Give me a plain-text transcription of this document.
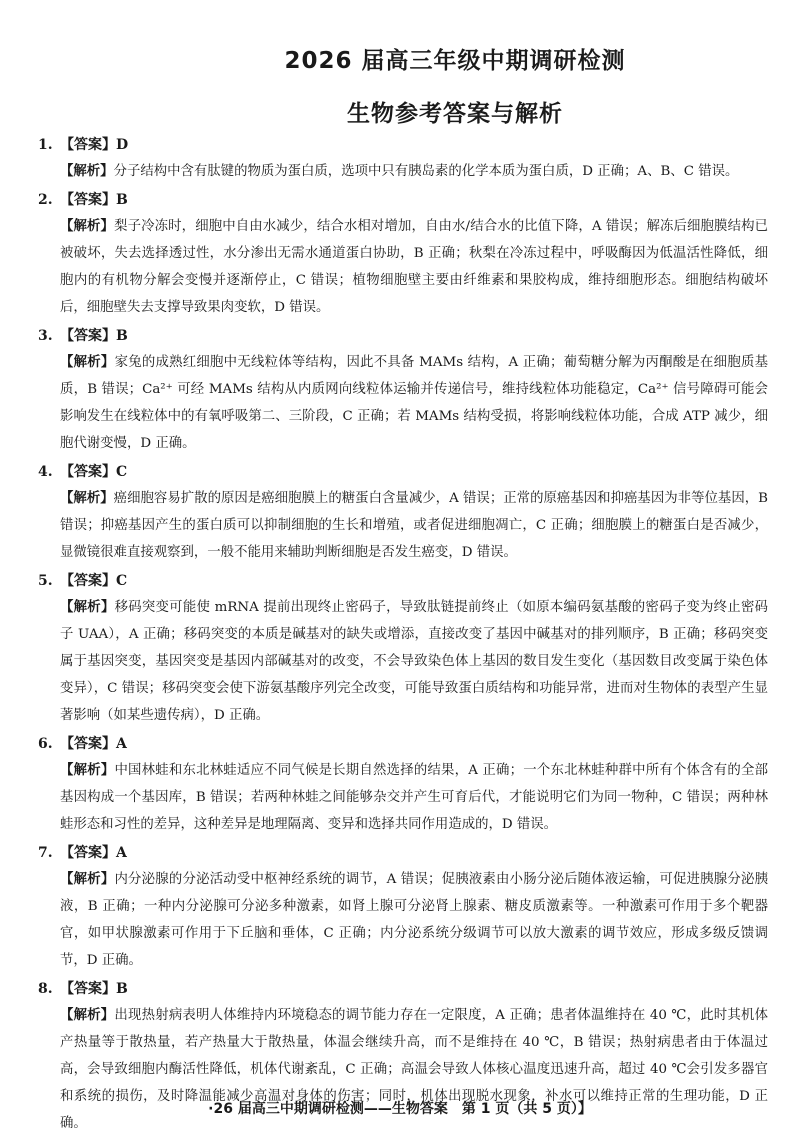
2026 届高三年级中期调研检测
生物参考答案与解析
1. 【答案】D
【解析】分子结构中含有肽键的物质为蛋白质，选项中只有胰岛素的化学本质为蛋白质，D 正确；A、B、C 错误。
2. 【答案】B
【解析】梨子冷冻时，细胞中自由水减少，结合水相对增加，自由水/结合水的比值下降，A 错误；解冻后细胞膜结构已被破坏，失去选择透过性，水分渗出无需水通道蛋白协助，B 正确；秋梨在冷冻过程中，呼吸酶因为低温活性降低，细胞内的有机物分解会变慢并逐渐停止，C 错误；植物细胞壁主要由纤维素和果胶构成，维持细胞形态。细胞结构破坏后，细胞壁失去支撑导致果肉变软，D 错误。
3. 【答案】B
【解析】家兔的成熟红细胞中无线粒体等结构，因此不具备 MAMs 结构，A 正确；葡萄糖分解为丙酮酸是在细胞质基质，B 错误；Ca²⁺ 可经 MAMs 结构从内质网向线粒体运输并传递信号，维持线粒体功能稳定，Ca²⁺ 信号障碍可能会影响发生在线粒体中的有氧呼吸第二、三阶段，C 正确；若 MAMs 结构受损，将影响线粒体功能，合成 ATP 减少，细胞代谢变慢，D 正确。
4. 【答案】C
【解析】癌细胞容易扩散的原因是癌细胞膜上的糖蛋白含量减少，A 错误；正常的原癌基因和抑癌基因为非等位基因，B 错误；抑癌基因产生的蛋白质可以抑制细胞的生长和增殖，或者促进细胞凋亡，C 正确；细胞膜上的糖蛋白是否减少，显微镜很难直接观察到，一般不能用来辅助判断细胞是否发生癌变，D 错误。
5. 【答案】C
【解析】移码突变可能使 mRNA 提前出现终止密码子，导致肽链提前终止（如原本编码氨基酸的密码子变为终止密码子 UAA），A 正确；移码突变的本质是碱基对的缺失或增添，直接改变了基因中碱基对的排列顺序，B 正确；移码突变属于基因突变，基因突变是基因内部碱基对的改变，不会导致染色体上基因的数目发生变化（基因数目改变属于染色体变异），C 错误；移码突变会使下游氨基酸序列完全改变，可能导致蛋白质结构和功能异常，进而对生物体的表型产生显著影响（如某些遗传病），D 正确。
6. 【答案】A
【解析】中国林蛙和东北林蛙适应不同气候是长期自然选择的结果，A 正确；一个东北林蛙种群中所有个体含有的全部基因构成一个基因库，B 错误；若两种林蛙之间能够杂交并产生可育后代，才能说明它们为同一物种，C 错误；两种林蛙形态和习性的差异，这种差异是地理隔离、变异和选择共同作用造成的，D 错误。
7. 【答案】A
【解析】内分泌腺的分泌活动受中枢神经系统的调节，A 错误；促胰液素由小肠分泌后随体液运输，可促进胰腺分泌胰液，B 正确；一种内分泌腺可分泌多种激素，如肾上腺可分泌肾上腺素、糖皮质激素等。一种激素可作用于多个靶器官，如甲状腺激素可作用于下丘脑和垂体，C 正确；内分泌系统分级调节可以放大激素的调节效应，形成多级反馈调节，D 正确。
8. 【答案】B
【解析】出现热射病表明人体维持内环境稳态的调节能力存在一定限度，A 正确；患者体温维持在 40 ℃，此时其机体产热量等于散热量，若产热量大于散热量，体温会继续升高，而不是维持在 40 ℃，B 错误；热射病患者由于体温过高，会导致细胞内酶活性降低，机体代谢紊乱，C 正确；高温会导致人体核心温度迅速升高，超过 40 ℃会引发多器官和系统的损伤，及时降温能减少高温对身体的伤害；同时，机体出现脱水现象，补水可以维持正常的生理功能，D 正确。
·26 届高三中期调研检测——生物答案　第 1 页（共 5 页）】
